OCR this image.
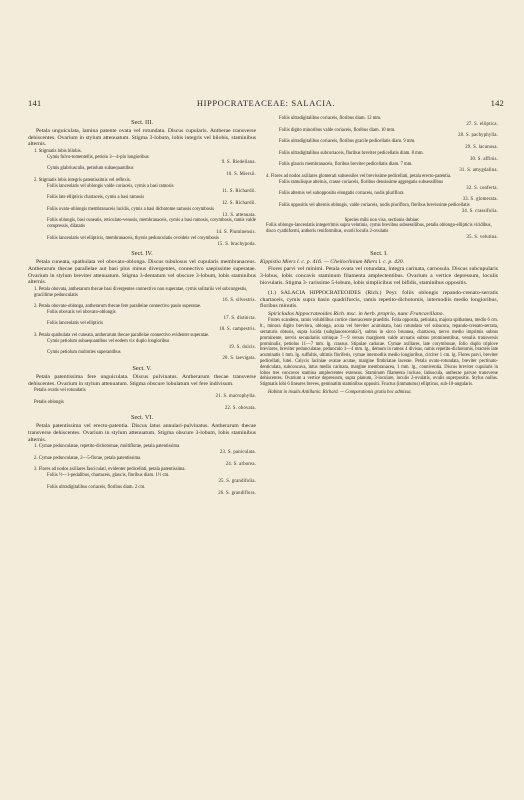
141	HIPPOCRATEACEAE: SALACIA.	142
Sect. III.
Petala unguiculata, lamina patente ovata vel rotundata. Discus cupularis. Antherae transverse dehiscentes. Ovarium in stylum attenuatum. Stigma 3-lobum, lobis integris vel bilobis, staminibus alternis.
1. Stigmatis lobis bilobis.
Cymis fulvo-tomentellis, petiolo 3—4-plo longioribus
9. S. Riedeliana.
Cymis glabriusculis, petiolum subaequantibus
10. S. Miersii.
2. Stigmatis lobis integris patentissimis vel reflexis.
Foliis lanceolatis vel oblongis valde coriaceis, cymis a basi ramosis
11. S. Richardii.
Foliis late ellipticis chartaceis, cymis a basi ramosis
12. S. Richardii.
Foliis ovato-oblongis membranaceis lucidis, cymis a basi dichotome ramosis corymbosis
13. S. attenuata.
Foliis oblongis, basi cuneatis, reticulato-venosis, membranaceis, cymis a basi ramosis, corymbosis, ramis valde compressis, dilatatis
14. S. Pluminensis.
Foliis lanceolatis vel ellipticis, membranaceis, thyrsis pedunculatis ovoideis vel corymbosis
15. S. brachypoda.
Sect. IV.
Petala cuneata, spathulata vel obovato-oblonga. Discus tubulosus vel cupularis membranaceus. Antherarum thecae parallelae aut basi plus minus divergentes, connectivo saepissime superatae. Ovarium in stylum breviter attenuatum. Stigma 3-dentatum vel obscure 3-lobum, lobis staminibus alternis.
1. Petala obovata, antherarum thecae basi divergentes connectivo non superatae, cymis solitariis vel subcongestis, gracillime pedunculatis
16. S. silvestris.
2. Petala obovato-oblonga, antherarum thecae fere parallelae connectivo paulo superatae.
Foliis obovatis vel obovato-oblongis
17. S. distincta.
Foliis lanceolatis vel ellipticis
18. S. campestris.
3. Petala spathulata vel cuneata, antherarum thecae parallelae connectivo evidenter superatae.
Cymis petiolum subaequantibus vel eodem vix duplo longioribus
19. S. dulcis.
Cymis petiolum multoties superantibus
20. S. laevigata.
Sect. V.
Petala patentissima fere unguiculata. Discus pulvinatus. Antherarum thecae transverse dehiscentes. Ovarium in stylum attenuatum. Stigma obscure lobulatum vel fere indivisum.
Petalis ovatis vel rotundatis
21. S. macrophylla.
Petalis oblongis
22. S. obovata.
Sect. VI.
Petala patentissima vel erecto-patentia. Discus latus annulari-pulvinatus. Antherarum thecae transverse dehiscentes. Ovarium in stylum attenuatum. Stigma obscure 3-lobum, lobis staminibus alternis.
1. Cymae pedunculatae, repetito-dichotomae, multiflorae, petala patentissima
23. S. paniculata.
2. Cymae pedunculatae, 2—5-florae, petala patentissima
24. S. arborea.
3. Flores ad nodos axillares fasciculati, evidenter pedicellati, petala patentissima.
Foliis ½—1-pedalibus, chartaceis, glaucis, floribus diam. 1½ cm.
25. S. grandifolia.
Foliis ultradigitalibus coriaceis, floribus diam. 2 cm.
26. S. grandiflora.
Foliis ultradigitalibus coriaceis, floribus diam. 12 mm.
27. S. elliptica.
Foliis digito minoribus valde coriaceis, floribus diam. 10 mm.
28. S. pachyphylla.
Foliis ultradigitalibus coriaceis, floribus gracile pedicellatis diam. 9 mm.
29. S. lacunosa.
Foliis ultradigitalibus subcoriaceis, floribus breviter pedicellatis diam. 8 mm.
30. S. affinis.
Foliis glaucis membranaceis, floribus breviter pedicellatis diam. 7 mm.
31. S. amygdalina.
4. Flores ad nodos axillares glomerati subsessiles vel brevissime pedicellati, petala erecto-patentia.
Foliis ramulisque alternis, crasse coriaceis, floribus densissime aggregatis subsessilibus
32. S. conferta.
Foliis alternis vel suboppositis elongatis coriaceis, nodis pluriflora
33. S. glomerata.
Foliis oppositis vel alternis oblongis, valde coriaceis, nodis pluriflora, floribus brevissime pedicellatis
34. S. crassifolia.
Species mihi non visa, sectionis dubiae:
Foliis oblongo-lanceolatis integerrimis supra velutinis, cymis brevibus subsessilibus, petalis oblongo-ellipticis viridibus, disco cyathiformi, antheris reniformibus, ovarii loculis 2-ovulatis
35. S. velutina.
Sect. I.
Kippistia Miers l. c. p. 416. — Cheiloclinium Miers l. c. p. 420.
Flores parvi vel minimi. Petala ovata vel rotundata, integra carinata, carnosula. Discus subcupularis 3-lobus, lobis concavis staminum filamenta amplectentibus. Ovarium a vertice depressum, loculis biovulatis. Stigma 3- rarissime 5-lobum, lobis simplicibus vel bifidis, staminibus oppositis.
(1.) SALACIA HIPPOCRATEOIDES (Rich.) Peyr. foliis oblongis repando-crenato-serratis chartaceis, cymis supra basin quadrifurcis, ramis repetito-dichotomis, internodiis medio longioribus, floribus minutis.
Spiriclados hippocrateoides Rich. msc. in herb. proprio, nunc Francavillano.
Frutex scandens, ramis volubilibus cortice cinerascente praeditis. Folia opposita, petiolata, majora spithamea, medio 6 cm. lt., minora digito breviora, oblonga, acuta vel breviter acuminata, basi rotundata vel subacuta, repando-crenato-serrata, serraturis obtusis, supra lucida (subglaucescentia?), subtus in sicco brunnea, chartacea, nervo medio imprimis subtus prominente, nervis secundariis utrinque 7—9 versus marginem valde arcuatis subtus prominentibus, venulis transversis prominulis; petiolus 11—7 mm. lg. crassus. Stipulae caducae. Cymae axillares, late corymbosae, folio duplo triplove breviores, breviter pedunculatae, pedunculo 3—4 mm. lg., demum in ramos 4 divisas, ramis repetito-dichotomis, bracteis late acuminatis 1 mm. lg. suffultis, ultimis floriferis, cymae internodiis medio longioribus, circiter 1 cm. lg. Flores parvi, breviter pedicellati, lutei. Calycis laciniae ovatae acutae, margine fimbriatae lacerae. Petala ovato-rotundata, breviter pectinato-denticulata, subconcava, intus medio carinata, margine membranacea, 1 mm. lg., conniventia. Discus breviter cupularis in lobos tres concavos stamina amplectentes extensus. Staminum filamenta incluse, latiuscula, antherae parvae transverse dehiscentes. Ovarium a vertice depressum, supra planum, 3-loculare, loculis 2-ovulatis, ovulis superpositis. Stylus nullus. Stigmatis lobi 6 lineares breves, geminatim staminibus oppositi. Fructus (immaturus) ellipticus, sub-10-angularis.
Habitat in insulis Antillanis: Richard. — Comparationis gratia hoc admissa.
